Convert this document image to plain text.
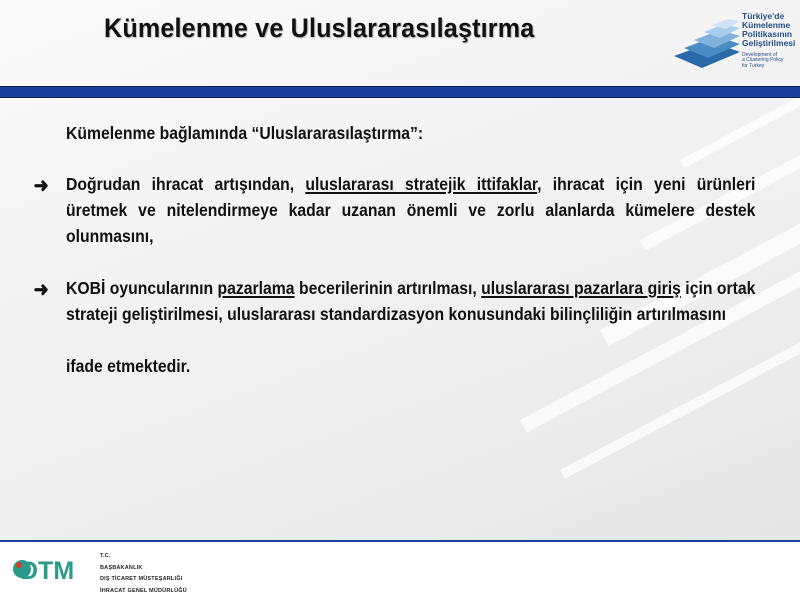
Kümelenme ve Uluslararasılaştırma	Türkiye'de
Kümelenme
Politikasının
Geliştirilmesi
Development of
a Clustering Policy
for Turkey

Kümelenme bağlamında “Uluslararasılaştırma”:

➜ Doğrudan ihracat artışından, uluslararası stratejik ittifaklar, ihracat için yeni ürünleri üretmek ve nitelendirmeye kadar uzanan önemli ve zorlu alanlarda kümelere destek olunmasını,

➜ KOBİ oyuncularının pazarlama becerilerinin artırılması, uluslararası pazarlara giriş için ortak strateji geliştirilmesi, uluslararası standardizasyon konusundaki bilinçliliğin artırılmasını

ifade etmektedir.

DTM
T.C.
BAŞBAKANLIK
DIŞ TİCARET MÜSTEŞARLIĞI
İHRACAT GENEL MÜDÜRLÜĞÜ
